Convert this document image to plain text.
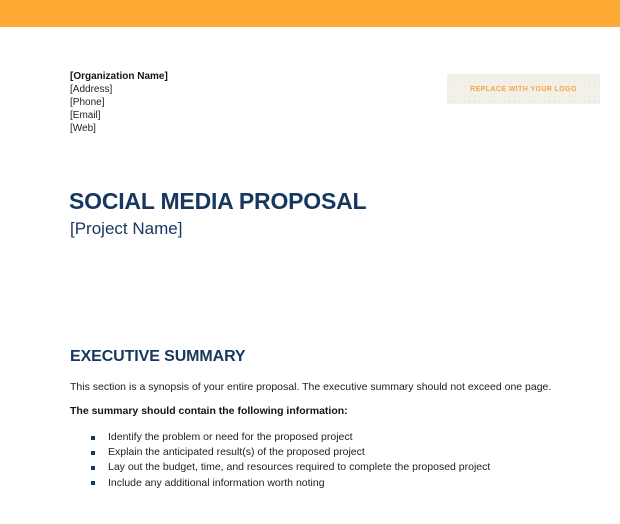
[Organization Name]
[Address]
[Phone]
[Email]
[Web]
REPLACE WITH YOUR LOGO
SOCIAL MEDIA PROPOSAL
[Project Name]
EXECUTIVE SUMMARY
This section is a synopsis of your entire proposal. The executive summary should not exceed one page.
The summary should contain the following information:
Identify the problem or need for the proposed project
Explain the anticipated result(s) of the proposed project
Lay out the budget, time, and resources required to complete the proposed project
Include any additional information worth noting
